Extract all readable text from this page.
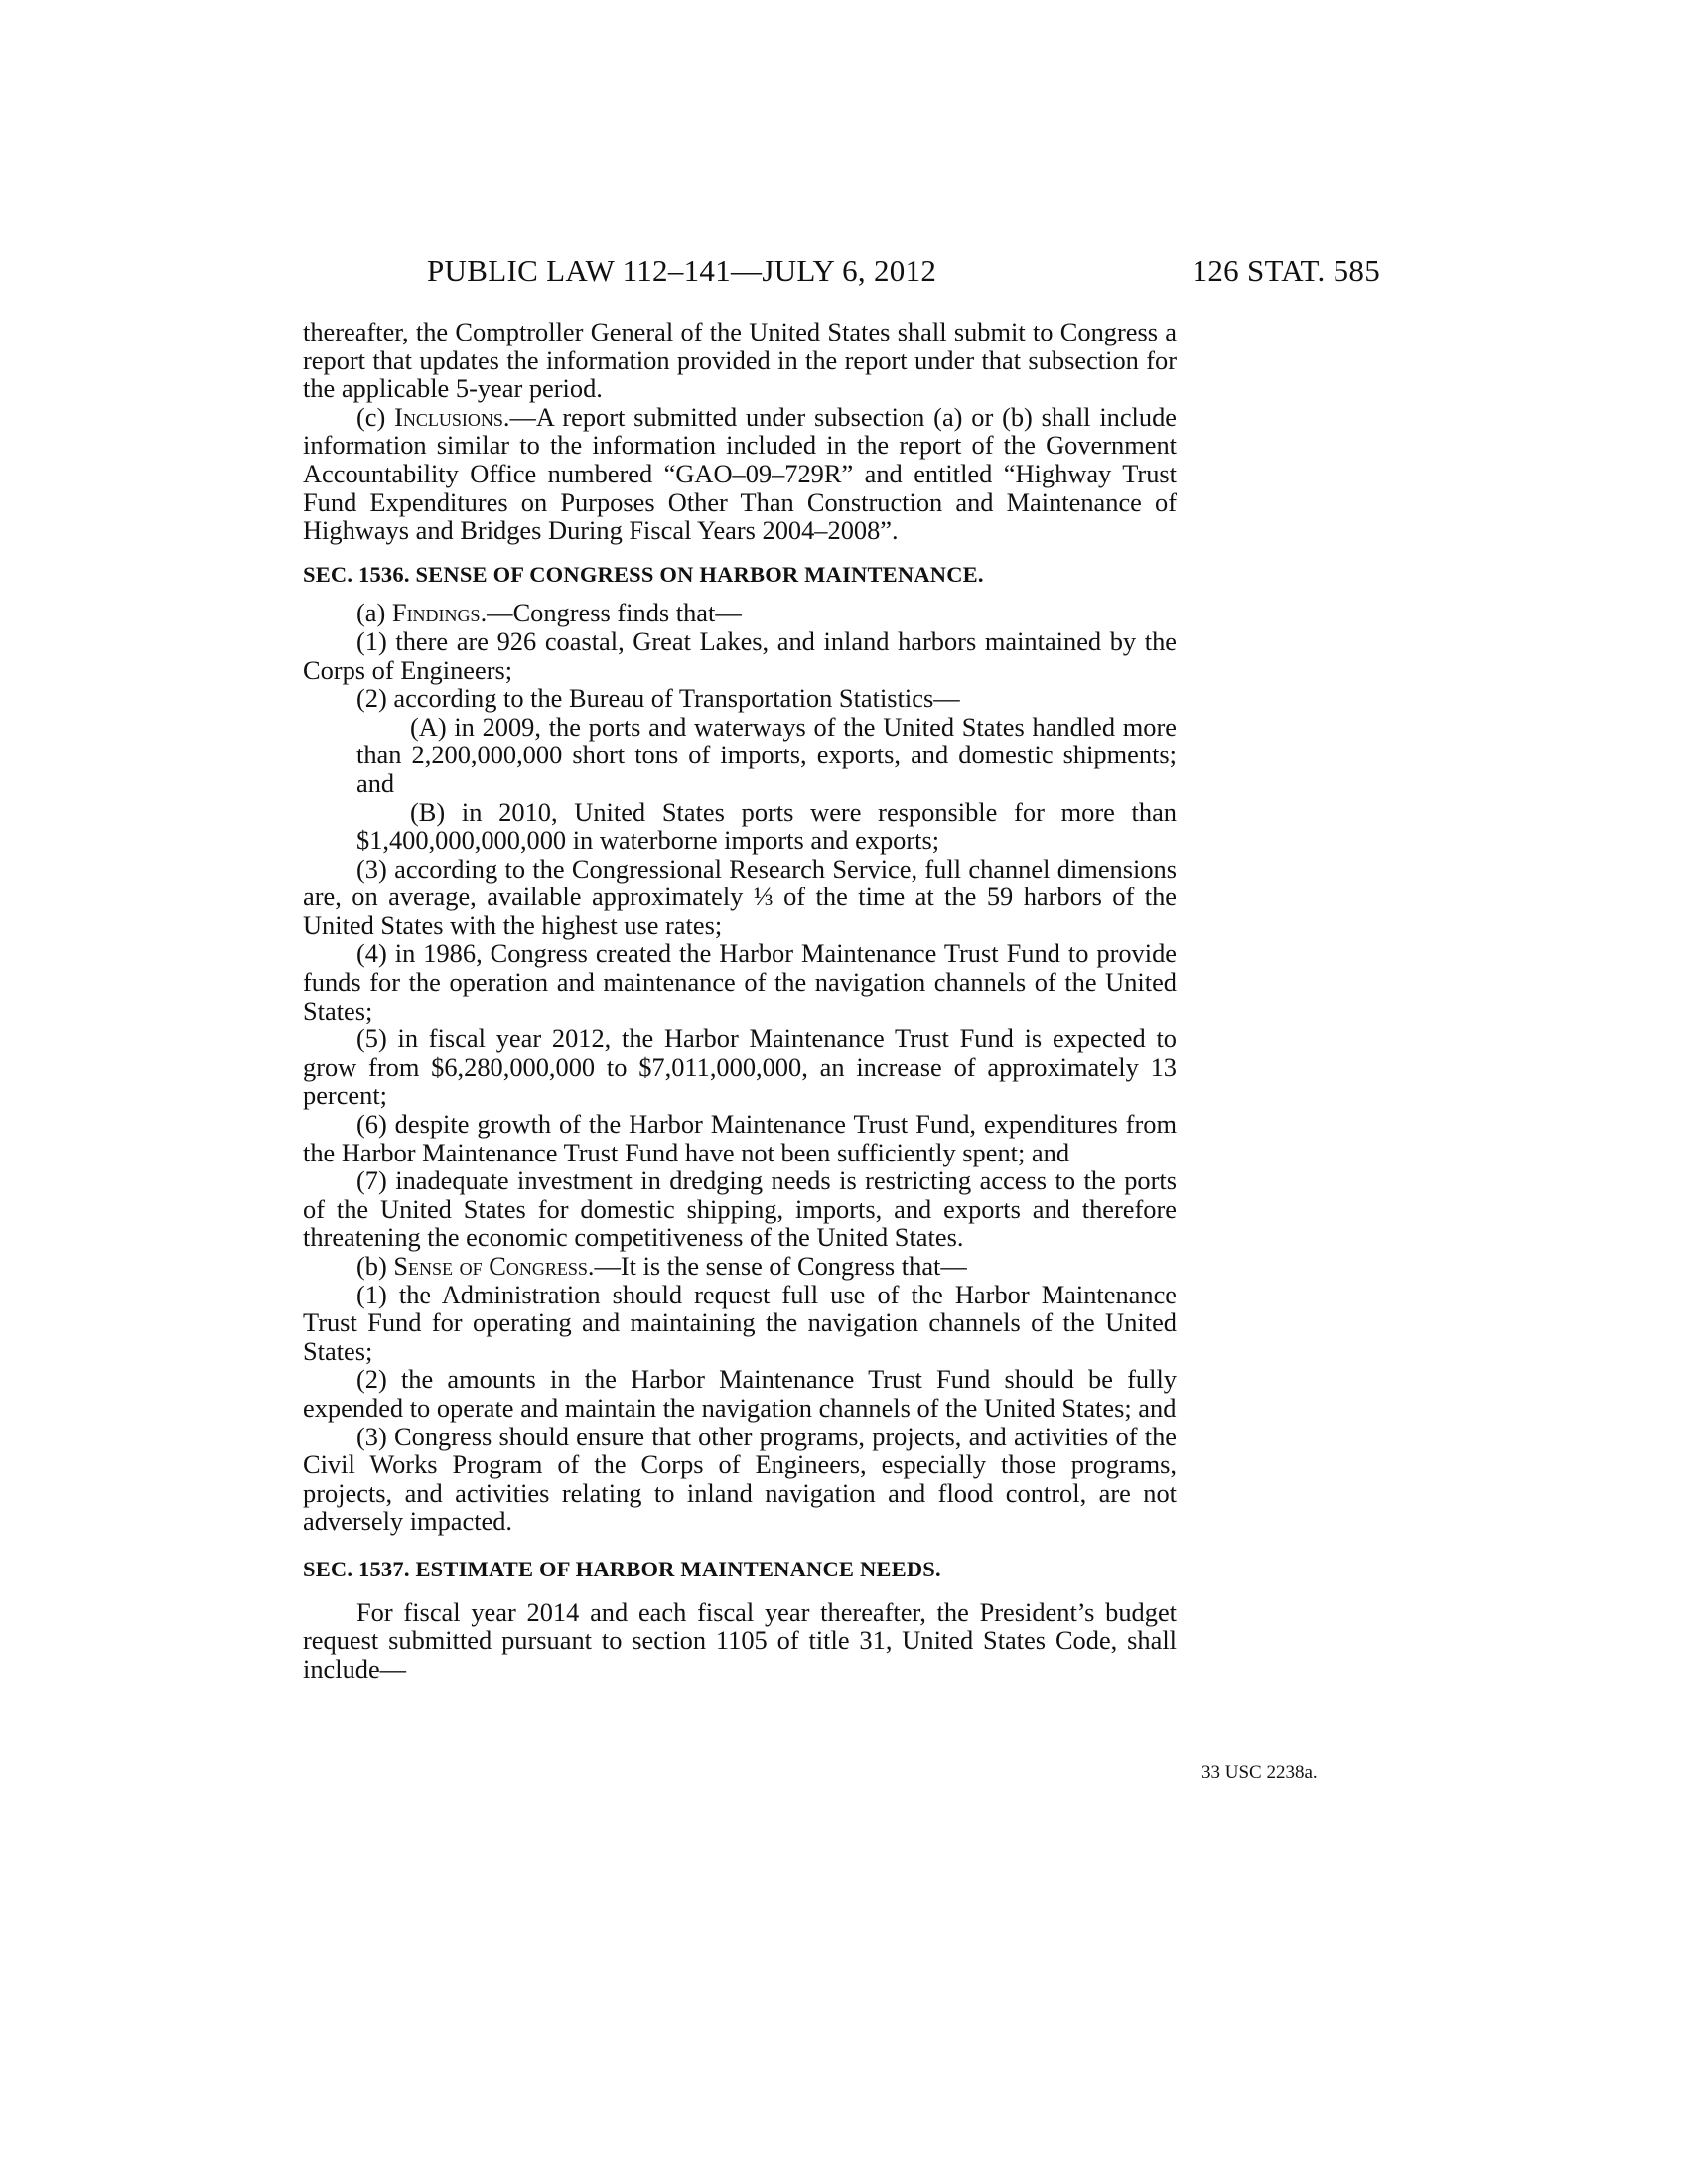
PUBLIC LAW 112–141—JULY 6, 2012	126 STAT. 585

thereafter, the Comptroller General of the United States shall submit to Congress a report that updates the information provided in the report under that subsection for the applicable 5-year period.

(c) Inclusions.—A report submitted under subsection (a) or (b) shall include information similar to the information included in the report of the Government Accountability Office numbered “GAO–09–729R” and entitled “Highway Trust Fund Expenditures on Purposes Other Than Construction and Maintenance of Highways and Bridges During Fiscal Years 2004–2008”.

SEC. 1536. SENSE OF CONGRESS ON HARBOR MAINTENANCE.

(a) Findings.—Congress finds that—

(1) there are 926 coastal, Great Lakes, and inland harbors maintained by the Corps of Engineers;

(2) according to the Bureau of Transportation Statistics—

(A) in 2009, the ports and waterways of the United States handled more than 2,200,000,000 short tons of imports, exports, and domestic shipments; and

(B) in 2010, United States ports were responsible for more than $1,400,000,000,000 in waterborne imports and exports;

(3) according to the Congressional Research Service, full channel dimensions are, on average, available approximately ⅓ of the time at the 59 harbors of the United States with the highest use rates;

(4) in 1986, Congress created the Harbor Maintenance Trust Fund to provide funds for the operation and maintenance of the navigation channels of the United States;

(5) in fiscal year 2012, the Harbor Maintenance Trust Fund is expected to grow from $6,280,000,000 to $7,011,000,000, an increase of approximately 13 percent;

(6) despite growth of the Harbor Maintenance Trust Fund, expenditures from the Harbor Maintenance Trust Fund have not been sufficiently spent; and

(7) inadequate investment in dredging needs is restricting access to the ports of the United States for domestic shipping, imports, and exports and therefore threatening the economic competitiveness of the United States.

(b) Sense of Congress.—It is the sense of Congress that—

(1) the Administration should request full use of the Harbor Maintenance Trust Fund for operating and maintaining the navigation channels of the United States;

(2) the amounts in the Harbor Maintenance Trust Fund should be fully expended to operate and maintain the navigation channels of the United States; and

(3) Congress should ensure that other programs, projects, and activities of the Civil Works Program of the Corps of Engineers, especially those programs, projects, and activities relating to inland navigation and flood control, are not adversely impacted.

SEC. 1537. ESTIMATE OF HARBOR MAINTENANCE NEEDS.

For fiscal year 2014 and each fiscal year thereafter, the President’s budget request submitted pursuant to section 1105 of title 31, United States Code, shall include—

33 USC 2238a.
